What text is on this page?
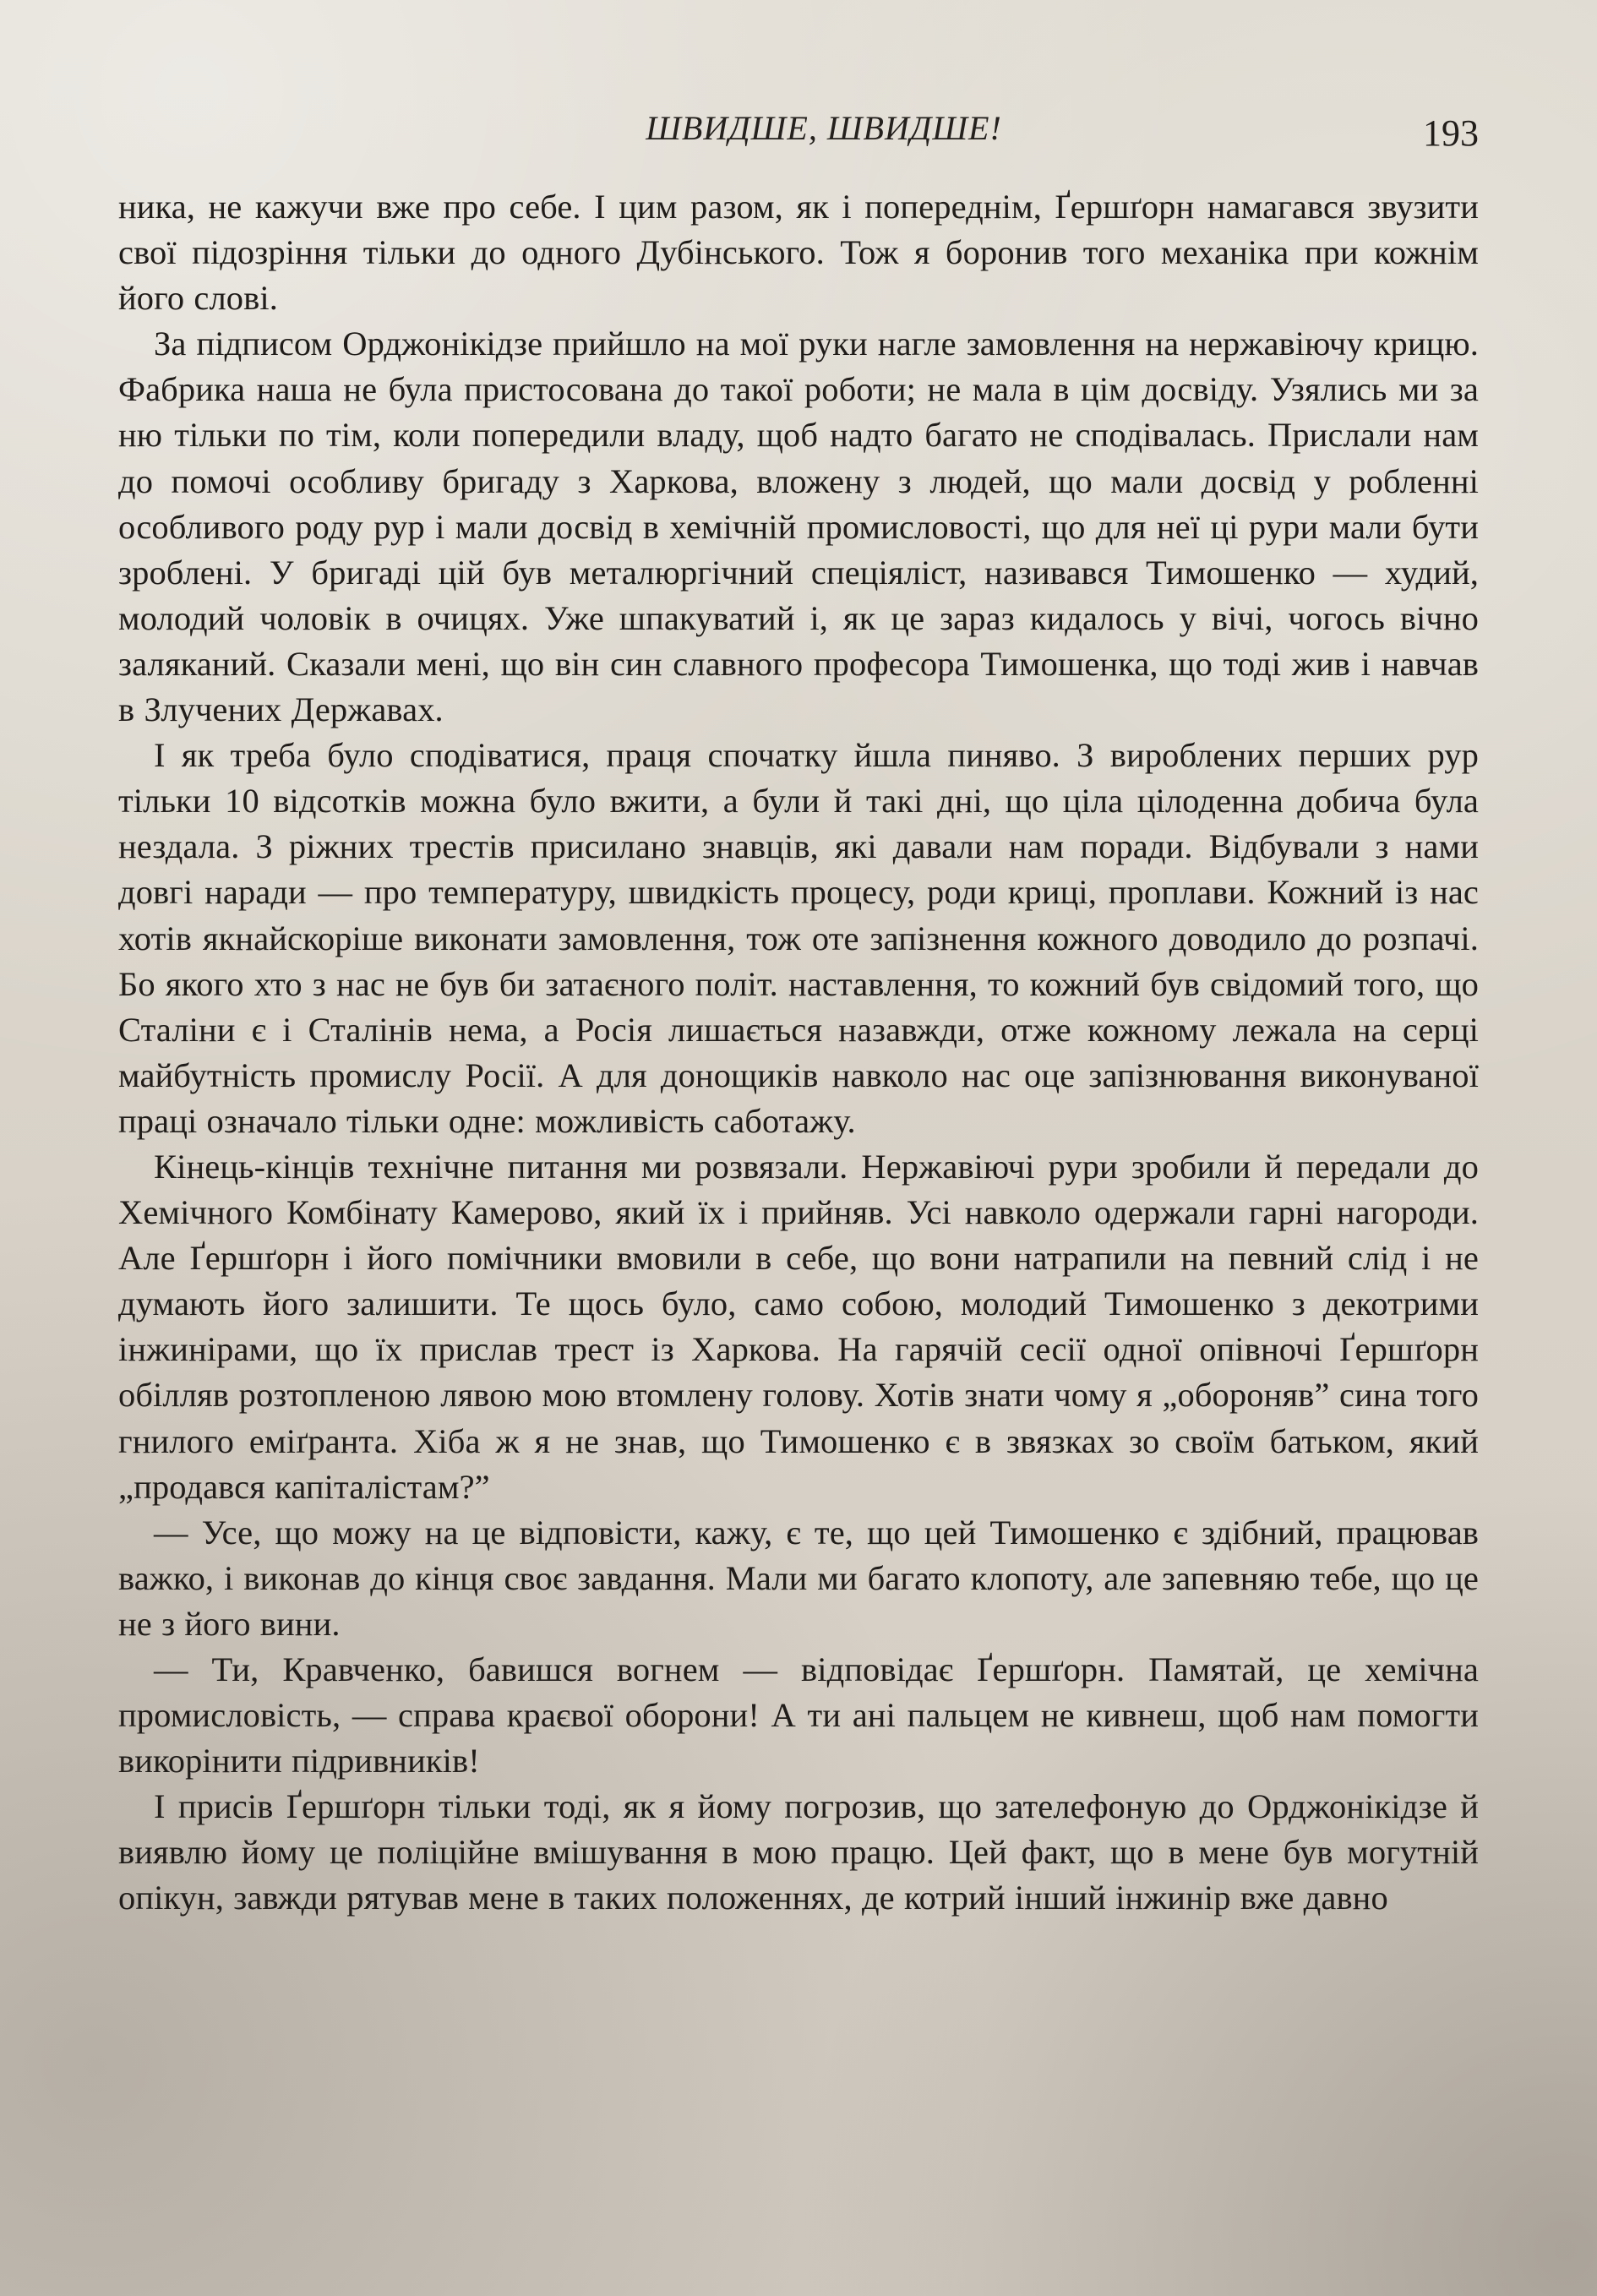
ШВИДШЕ, ШВИДШЕ!	193

ника, не кажучи вже про себе. І цим разом, як і попереднім, Ґершґорн намагався звузити свої підозріння тільки до одного Дубінського. Тож я боронив того механіка при кожнім його слові.

За підписом Орджонікідзе прийшло на мої руки нагле замовлення на нержавіючу крицю. Фабрика наша не була пристосована до такої роботи; не мала в цім досвіду. Узялись ми за ню тільки по тім, коли попередили владу, щоб надто багато не сподівалась. Прислали нам до помочі особливу бригаду з Харкова, вложену з людей, що мали досвід у робленні особливого роду рур і мали досвід в хемічній промисловості, що для неї ці рури мали бути зроблені. У бригаді цій був металюргічний спеціяліст, називався Тимошенко — худий, молодий чоловік в очицях. Уже шпакуватий і, як це зараз кидалось у вічі, чогось вічно заляканий. Сказали мені, що він син славного професора Тимошенка, що тоді жив і навчав в Злучених Державах.

І як треба було сподіватися, праця спочатку йшла пиняво. З вироблених перших рур тільки 10 відсотків можна було вжити, а були й такі дні, що ціла цілоденна добича була нездала. З ріжних трестів присилано знавців, які давали нам поради. Відбували з нами довгі наради — про температуру, швидкість процесу, роди криці, проплави. Кожний із нас хотів якнайскоріше виконати замовлення, тож оте запізнення кожного доводило до розпачі. Бо якого хто з нас не був би затаєного політ. наставлення, то кожний був свідомий того, що Сталіни є і Сталінів нема, а Росія лишається назавжди, отже кожному лежала на серці майбутність промислу Росії. А для донощиків навколо нас оце запізнювання виконуваної праці означало тільки одне: можливість саботажу.

Кінець-кінців технічне питання ми розвязали. Нержавіючі рури зробили й передали до Хемічного Комбінату Камерово, який їх і прийняв. Усі навколо одержали гарні нагороди. Але Ґершґорн і його помічники вмовили в себе, що вони натрапили на певний слід і не думають його залишити. Те щось було, само собою, молодий Тимошенко з декотрими інжинірами, що їх прислав трест із Харкова. На гарячій сесії одної опівночі Ґершґорн обілляв розтопленою лявою мою втомлену голову. Хотів знати чому я „обороняв” сина того гнилого еміґранта. Хіба ж я не знав, що Тимошенко є в звязках зо своїм батьком, який „продався капіталістам?”

— Усе, що можу на це відповісти, кажу, є те, що цей Тимошенко є здібний, працював важко, і виконав до кінця своє завдання. Мали ми багато клопоту, але запевняю тебе, що це не з його вини.

— Ти, Кравченко, бавишся вогнем — відповідає Ґершґорн. Памятай, це хемічна промисловість, — справа краєвої оборони! А ти ані пальцем не кивнеш, щоб нам помогти викорінити підривників!

І присів Ґершґорн тільки тоді, як я йому погрозив, що зателефоную до Орджонікідзе й виявлю йому це поліційне вмішування в мою працю. Цей факт, що в мене був могутній опікун, завжди рятував мене в таких положеннях, де котрий інший інжинір вже давно
